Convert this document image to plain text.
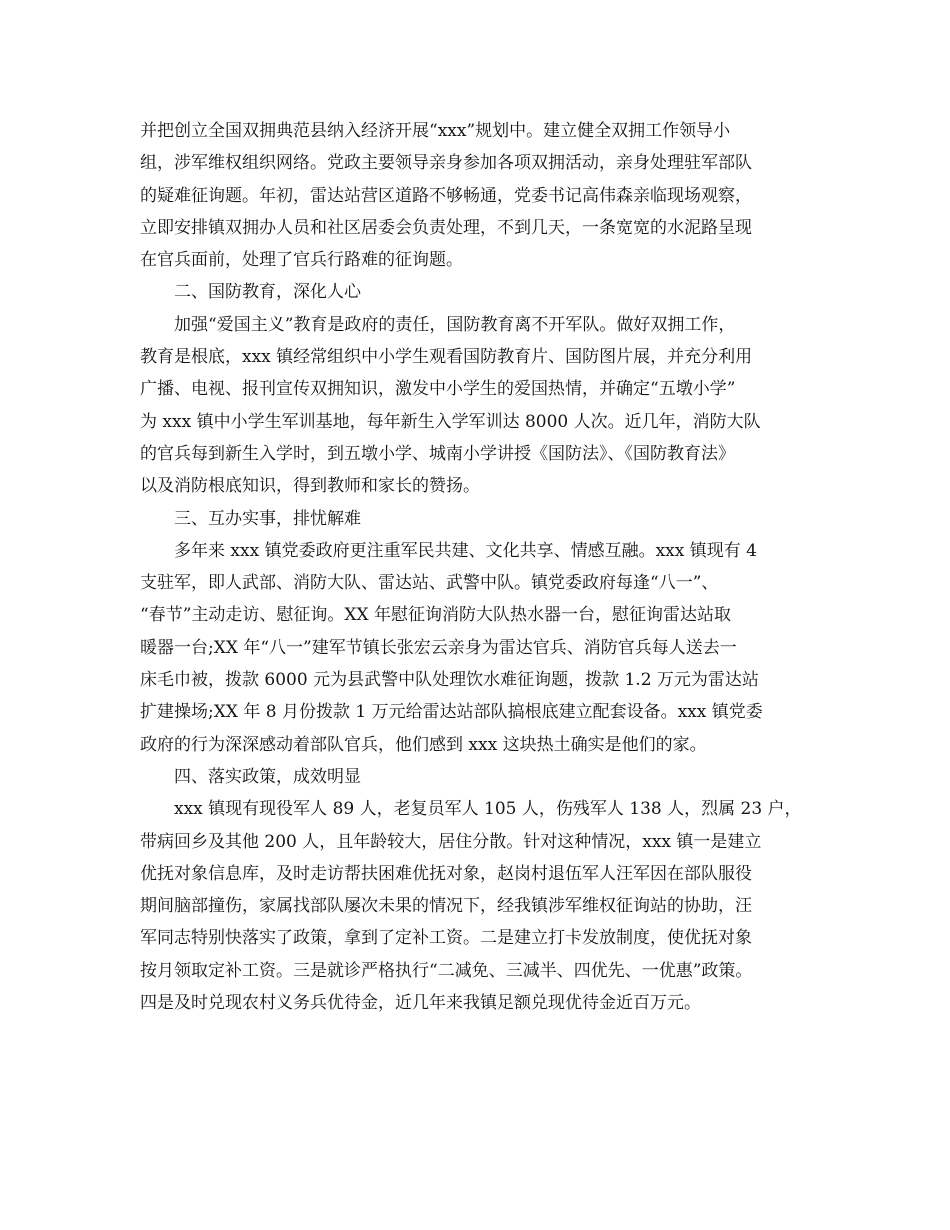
并把创立全国双拥典范县纳入经济开展“xxx”规划中。建立健全双拥工作领导小
组，涉军维权组织网络。党政主要领导亲身参加各项双拥活动，亲身处理驻军部队
的疑难征询题。年初，雷达站营区道路不够畅通，党委书记高伟森亲临现场观察，
立即安排镇双拥办人员和社区居委会负责处理，不到几天，一条宽宽的水泥路呈现
在官兵面前，处理了官兵行路难的征询题。
二、国防教育，深化人心
加强“爱国主义”教育是政府的责任，国防教育离不开军队。做好双拥工作，
教育是根底，xxx 镇经常组织中小学生观看国防教育片、国防图片展，并充分利用
广播、电视、报刊宣传双拥知识，激发中小学生的爱国热情，并确定“五墩小学”
为 xxx 镇中小学生军训基地，每年新生入学军训达 8000 人次。近几年，消防大队
的官兵每到新生入学时，到五墩小学、城南小学讲授《国防法》、《国防教育法》
以及消防根底知识，得到教师和家长的赞扬。
三、互办实事，排忧解难
多年来 xxx 镇党委政府更注重军民共建、文化共享、情感互融。xxx 镇现有 4
支驻军，即人武部、消防大队、雷达站、武警中队。镇党委政府每逢“八一”、
“春节”主动走访、慰征询。XX 年慰征询消防大队热水器一台，慰征询雷达站取
暖器一台;XX 年“八一”建军节镇长张宏云亲身为雷达官兵、消防官兵每人送去一
床毛巾被，拨款 6000 元为县武警中队处理饮水难征询题，拨款 1.2 万元为雷达站
扩建操场;XX 年 8 月份拨款 1 万元给雷达站部队搞根底建立配套设备。xxx 镇党委
政府的行为深深感动着部队官兵，他们感到 xxx 这块热土确实是他们的家。
四、落实政策，成效明显
xxx 镇现有现役军人 89 人，老复员军人 105 人，伤残军人 138 人，烈属 23 户，
带病回乡及其他 200 人，且年龄较大，居住分散。针对这种情况，xxx 镇一是建立
优抚对象信息库，及时走访帮扶困难优抚对象，赵岗村退伍军人汪军因在部队服役
期间脑部撞伤，家属找部队屡次未果的情况下，经我镇涉军维权征询站的协助，汪
军同志特别快落实了政策，拿到了定补工资。二是建立打卡发放制度，使优抚对象
按月领取定补工资。三是就诊严格执行“二减免、三减半、四优先、一优惠”政策。
四是及时兑现农村义务兵优待金，近几年来我镇足额兑现优待金近百万元。
